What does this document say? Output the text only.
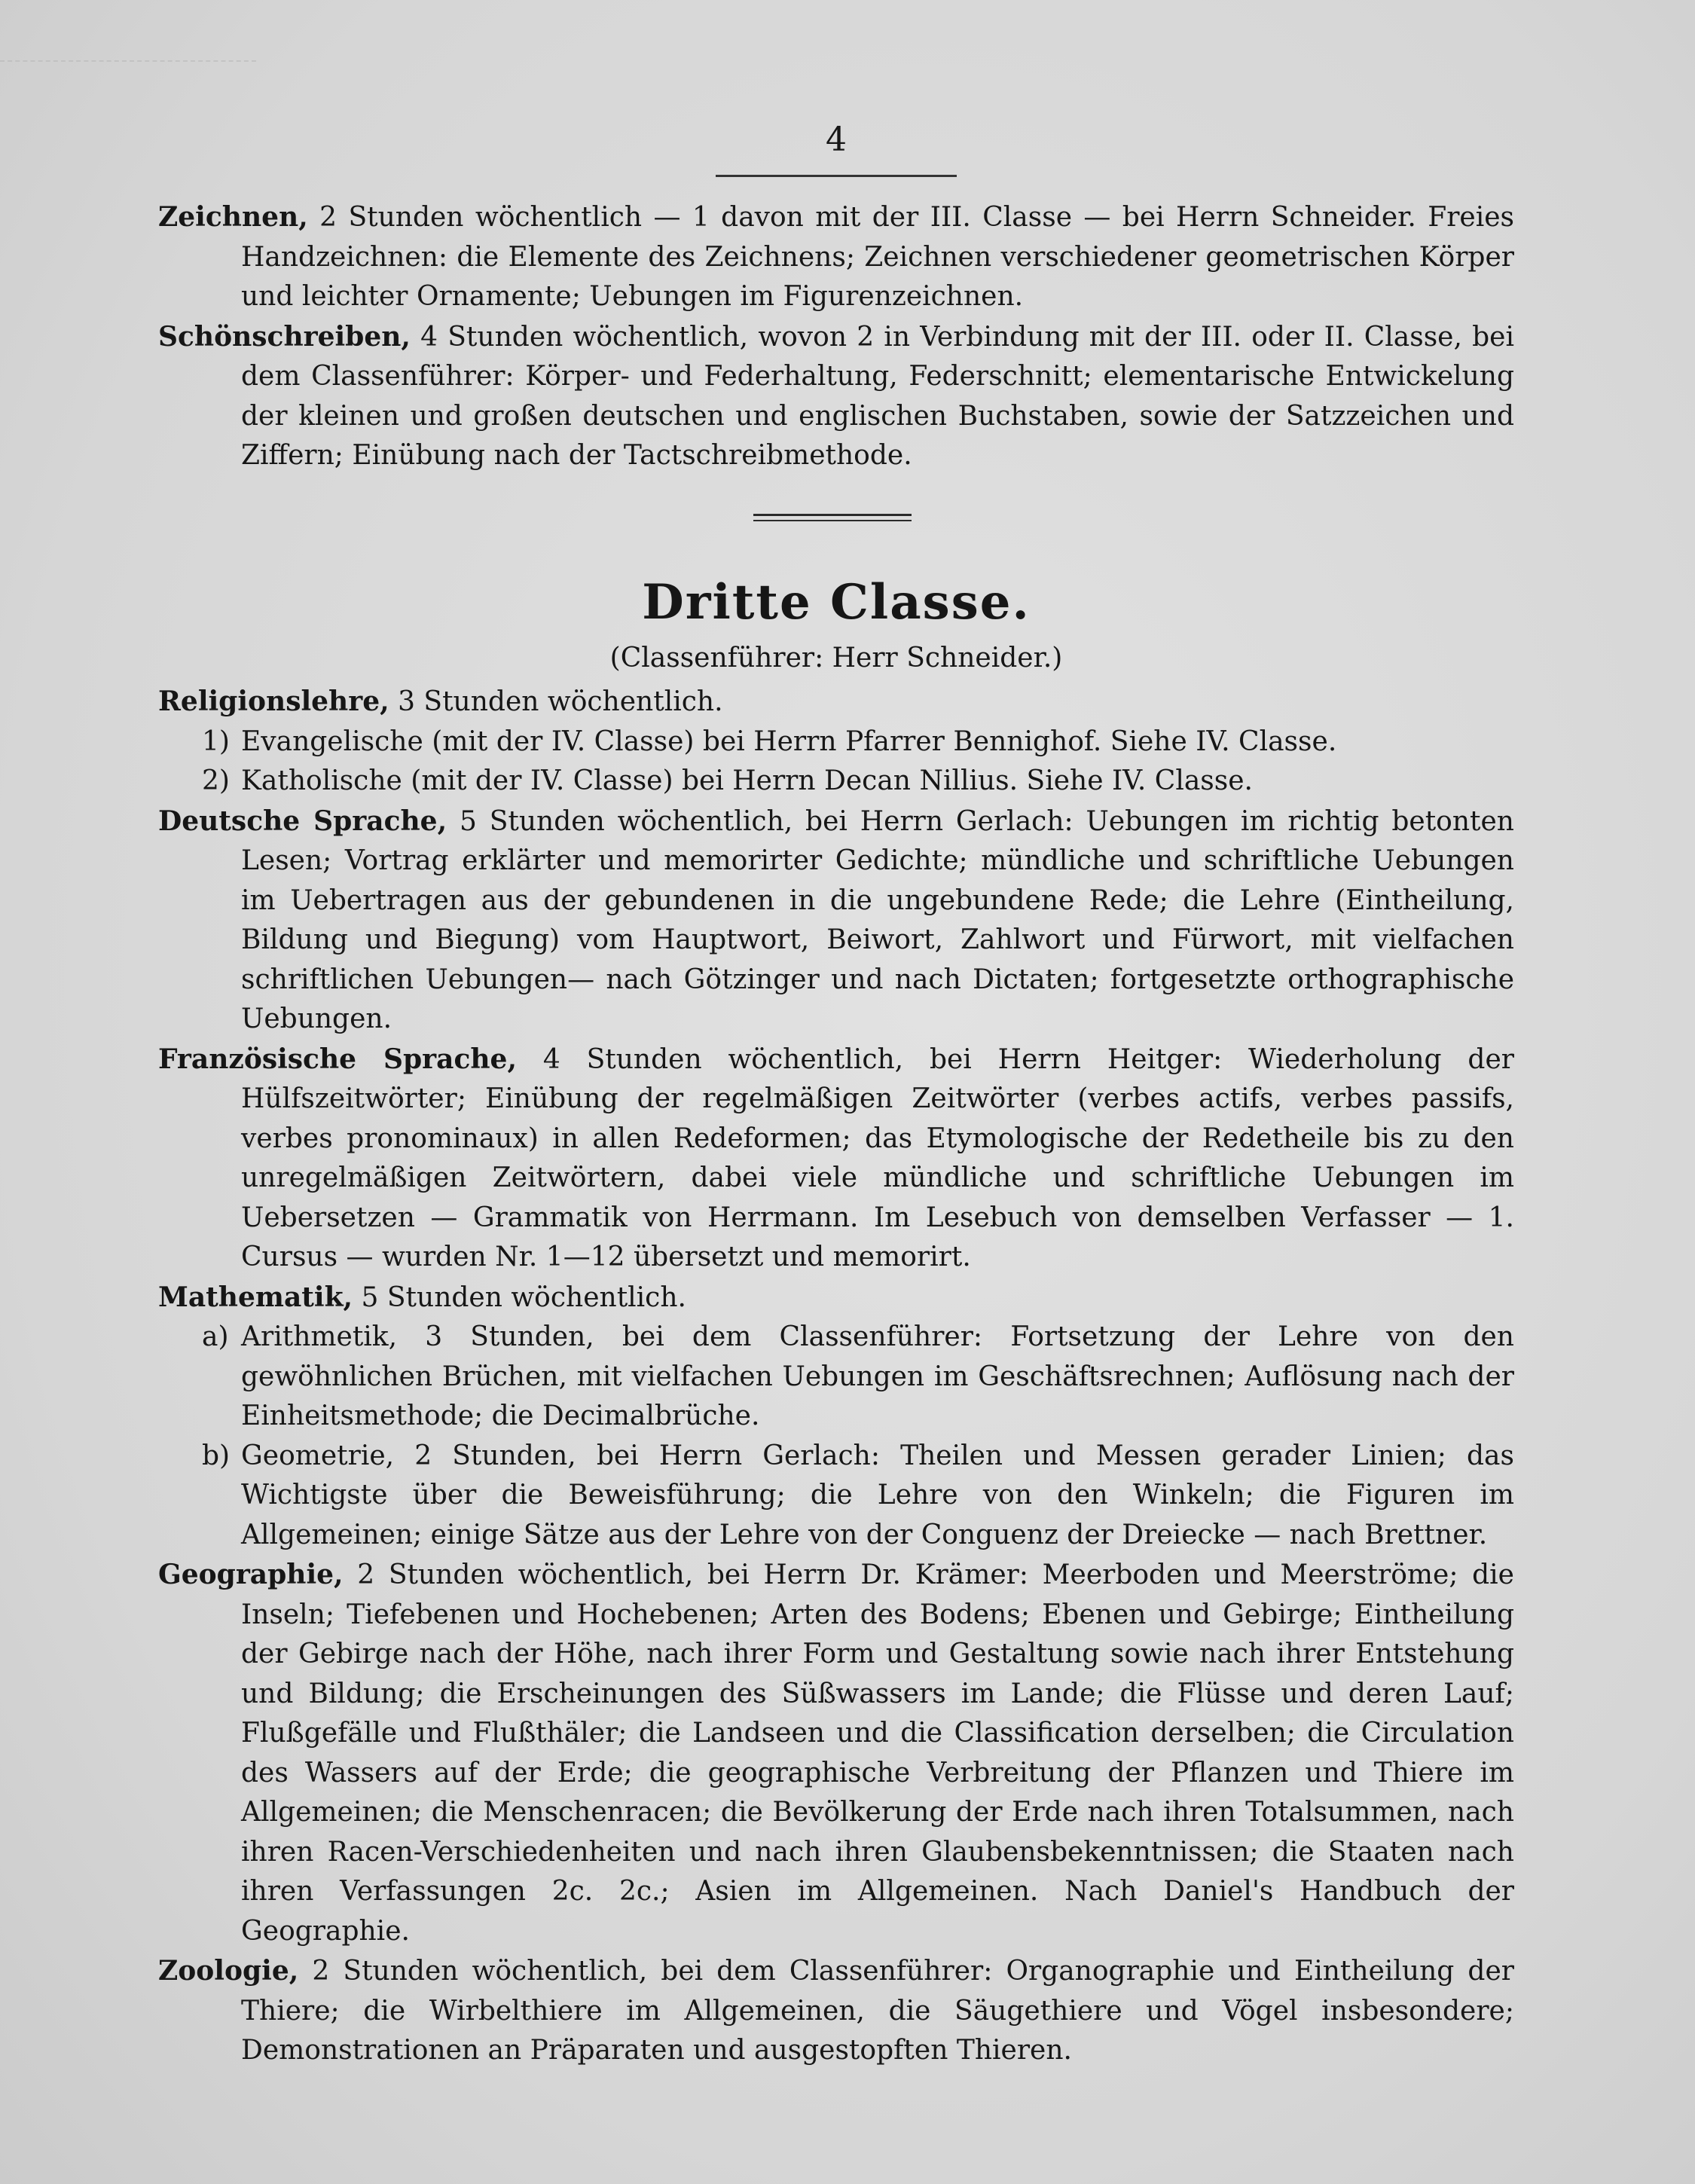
4

Zeichnen, 2 Stunden wöchentlich — 1 davon mit der III. Classe — bei Herrn Schneider. Freies Handzeichnen: die Elemente des Zeichnens; Zeichnen verschiedener geometrischen Körper und leichter Ornamente; Uebungen im Figurenzeichnen.

Schönschreiben, 4 Stunden wöchentlich, wovon 2 in Verbindung mit der III. oder II. Classe, bei dem Classenführer: Körper- und Federhaltung, Federschnitt; elementarische Entwickelung der kleinen und großen deutschen und englischen Buchstaben, sowie der Satzzeichen und Ziffern; Einübung nach der Tactschreibmethode.

Dritte Classe.
(Classenführer: Herr Schneider.)

Religionslehre, 3 Stunden wöchentlich.

1) Evangelische (mit der IV. Classe) bei Herrn Pfarrer Bennighof. Siehe IV. Classe.

2) Katholische (mit der IV. Classe) bei Herrn Decan Nillius. Siehe IV. Classe.

Deutsche Sprache, 5 Stunden wöchentlich, bei Herrn Gerlach: Uebungen im richtig betonten Lesen; Vortrag erklärter und memorirter Gedichte; mündliche und schriftliche Uebungen im Uebertragen aus der gebundenen in die ungebundene Rede; die Lehre (Eintheilung, Bildung und Biegung) vom Hauptwort, Beiwort, Zahlwort und Fürwort, mit vielfachen schriftlichen Uebungen— nach Götzinger und nach Dictaten; fortgesetzte orthographische Uebungen.

Französische Sprache, 4 Stunden wöchentlich, bei Herrn Heitger: Wiederholung der Hülfszeitwörter; Einübung der regelmäßigen Zeitwörter (verbes actifs, verbes passifs, verbes pronominaux) in allen Redeformen; das Etymologische der Redetheile bis zu den unregelmäßigen Zeitwörtern, dabei viele mündliche und schriftliche Uebungen im Uebersetzen — Grammatik von Herrmann. Im Lesebuch von demselben Verfasser — 1. Cursus — wurden Nr. 1—12 übersetzt und memorirt.

Mathematik, 5 Stunden wöchentlich.

a) Arithmetik, 3 Stunden, bei dem Classenführer: Fortsetzung der Lehre von den gewöhnlichen Brüchen, mit vielfachen Uebungen im Geschäftsrechnen; Auflösung nach der Einheitsmethode; die Decimalbrüche.

b) Geometrie, 2 Stunden, bei Herrn Gerlach: Theilen und Messen gerader Linien; das Wichtigste über die Beweisführung; die Lehre von den Winkeln; die Figuren im Allgemeinen; einige Sätze aus der Lehre von der Conguenz der Dreiecke — nach Brettner.

Geographie, 2 Stunden wöchentlich, bei Herrn Dr. Krämer: Meerboden und Meerströme; die Inseln; Tiefebenen und Hochebenen; Arten des Bodens; Ebenen und Gebirge; Eintheilung der Gebirge nach der Höhe, nach ihrer Form und Gestaltung sowie nach ihrer Entstehung und Bildung; die Erscheinungen des Süßwassers im Lande; die Flüsse und deren Lauf; Flußgefälle und Flußthäler; die Landseen und die Classification derselben; die Circulation des Wassers auf der Erde; die geographische Verbreitung der Pflanzen und Thiere im Allgemeinen; die Menschenracen; die Bevölkerung der Erde nach ihren Totalsummen, nach ihren Racen-Verschiedenheiten und nach ihren Glaubensbekenntnissen; die Staaten nach ihren Verfassungen 2c. 2c.; Asien im Allgemeinen. Nach Daniel's Handbuch der Geographie.

Zoologie, 2 Stunden wöchentlich, bei dem Classenführer: Organographie und Eintheilung der Thiere; die Wirbelthiere im Allgemeinen, die Säugethiere und Vögel insbesondere; Demonstrationen an Präparaten und ausgestopften Thieren.
